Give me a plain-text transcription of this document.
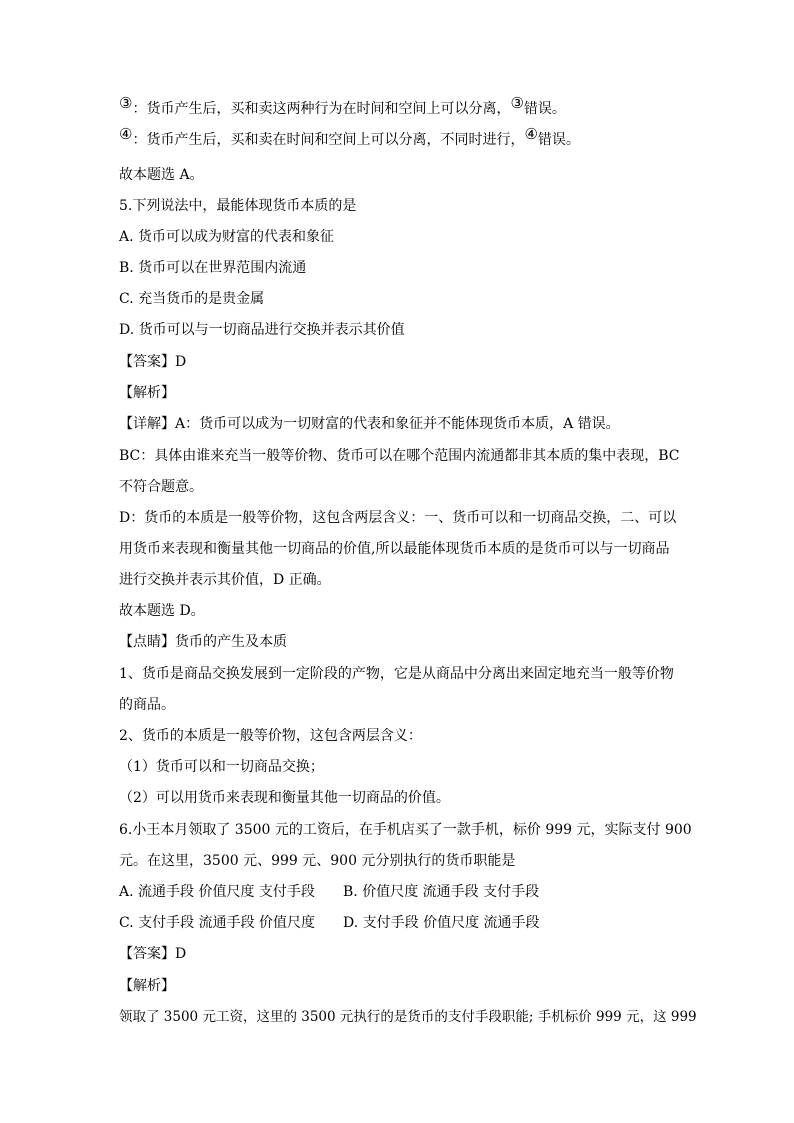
③：货币产生后，买和卖这两种行为在时间和空间上可以分离，③错误。
④：货币产生后，买和卖在时间和空间上可以分离，不同时进行，④错误。
故本题选 A。
5.下列说法中，最能体现货币本质的是
A. 货币可以成为财富的代表和象征
B. 货币可以在世界范围内流通
C. 充当货币的是贵金属
D. 货币可以与一切商品进行交换并表示其价值
【答案】D
【解析】
【详解】A：货币可以成为一切财富的代表和象征并不能体现货币本质，A 错误。
BC：具体由谁来充当一般等价物、货币可以在哪个范围内流通都非其本质的集中表现，BC
不符合题意。
D：货币的本质是一般等价物，这包含两层含义：一、货币可以和一切商品交换，二、可以
用货币来表现和衡量其他一切商品的价值,所以最能体现货币本质的是货币可以与一切商品
进行交换并表示其价值，D 正确。
故本题选 D。
【点睛】货币的产生及本质
1、货币是商品交换发展到一定阶段的产物，它是从商品中分离出来固定地充当一般等价物
的商品。
2、货币的本质是一般等价物，这包含两层含义：
（1）货币可以和一切商品交换；
（2）可以用货币来表现和衡量其他一切商品的价值。
6.小王本月领取了 3500 元的工资后，在手机店买了一款手机，标价 999 元，实际支付 900
元。在这里，3500 元、999 元、900 元分别执行的货币职能是
A. 流通手段 价值尺度 支付手段 B. 价值尺度 流通手段 支付手段
C. 支付手段 流通手段 价值尺度 D. 支付手段 价值尺度 流通手段
【答案】D
【解析】
领取了 3500 元工资，这里的 3500 元执行的是货币的支付手段职能; 手机标价 999 元，这 999
